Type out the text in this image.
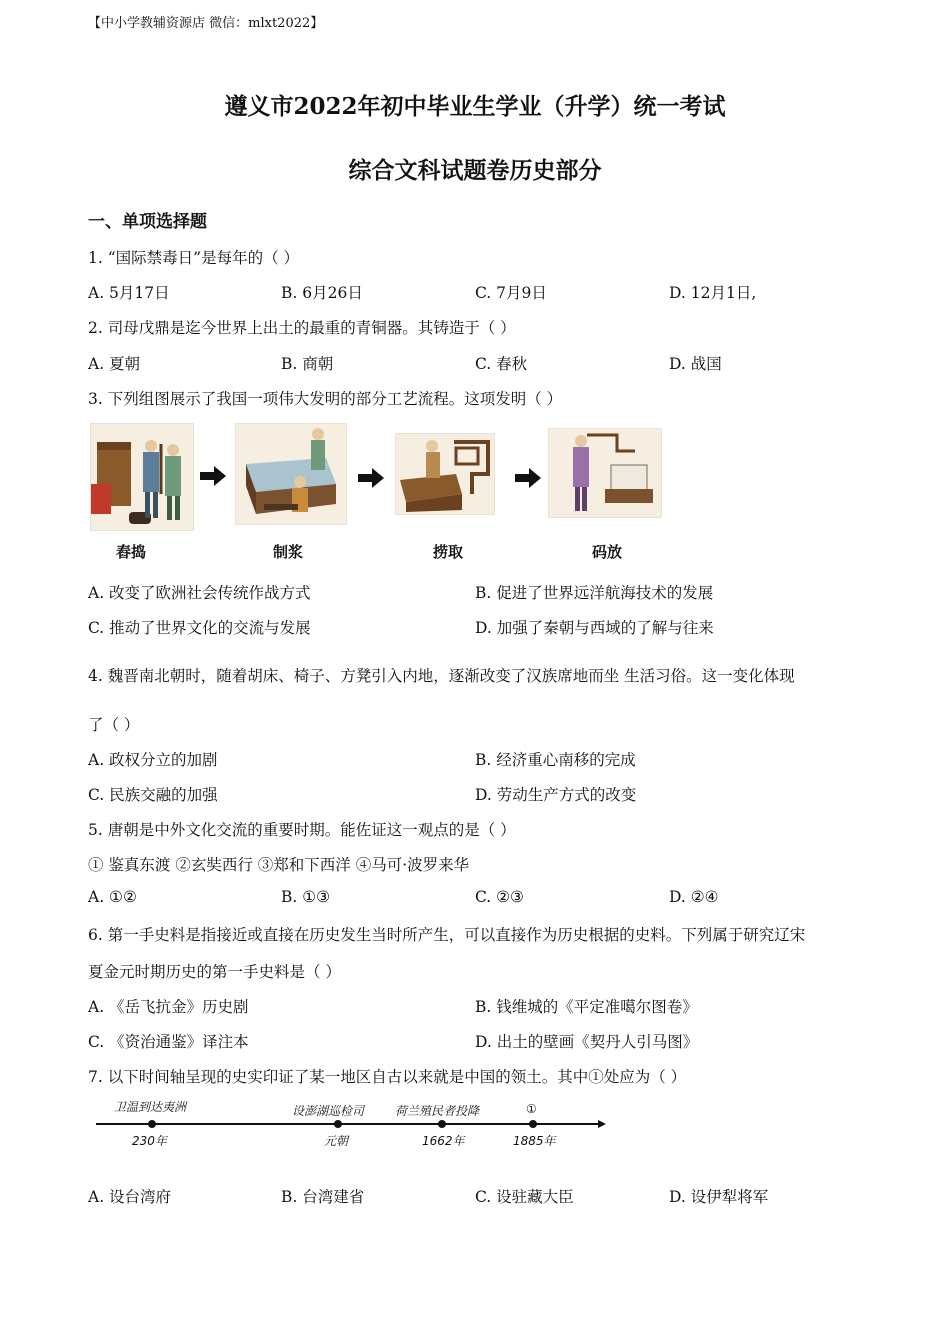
【中小学教辅资源店 微信：mlxt2022】
遵义市2022年初中毕业生学业（升学）统一考试
综合文科试题卷历史部分
一、单项选择题
1. “国际禁毒日”是每年的（ ）
A. 5月17日	B. 6月26日	C. 7月9日	D. 12月1日,
2. 司母戊鼎是迄今世界上出土的最重的青铜器。其铸造于（ ）
A. 夏朝	B. 商朝	C. 春秋	D. 战国
3. 下列组图展示了我国一项伟大发明的部分工艺流程。这项发明（ ）
舂捣	制浆	捞取	码放
A. 改变了欧洲社会传统作战方式	B. 促进了世界远洋航海技术的发展
C. 推动了世界文化的交流与发展	D. 加强了秦朝与西域的了解与往来
4. 魏晋南北朝时，随着胡床、椅子、方凳引入内地，逐渐改变了汉族席地而坐 生活习俗。这一变化体现
了（ ）
A. 政权分立的加剧	B. 经济重心南移的完成
C. 民族交融的加强	D. 劳动生产方式的改变
5. 唐朝是中外文化交流的重要时期。能佐证这一观点的是（ ）
① 鉴真东渡 ②玄奘西行 ③郑和下西洋 ④马可·波罗来华
A. ①②	B. ①③	C. ②③	D. ②④
6. 第一手史料是指接近或直接在历史发生当时所产生，可以直接作为历史根据的史料。下列属于研究辽宋
夏金元时期历史的第一手史料是（ ）
A. 《岳飞抗金》历史剧	B. 钱维城的《平定准噶尔图卷》
C. 《资治通鉴》译注本	D. 出土的壁画《契丹人引马图》
7. 以下时间轴呈现的史实印证了某一地区自古以来就是中国的领土。其中①处应为（ ）
卫温到达夷洲
230年
设澎湖巡检司
元朝
荷兰殖民者投降
1662年
①
1885年
A. 设台湾府	B. 台湾建省	C. 设驻藏大臣	D. 设伊犁将军
